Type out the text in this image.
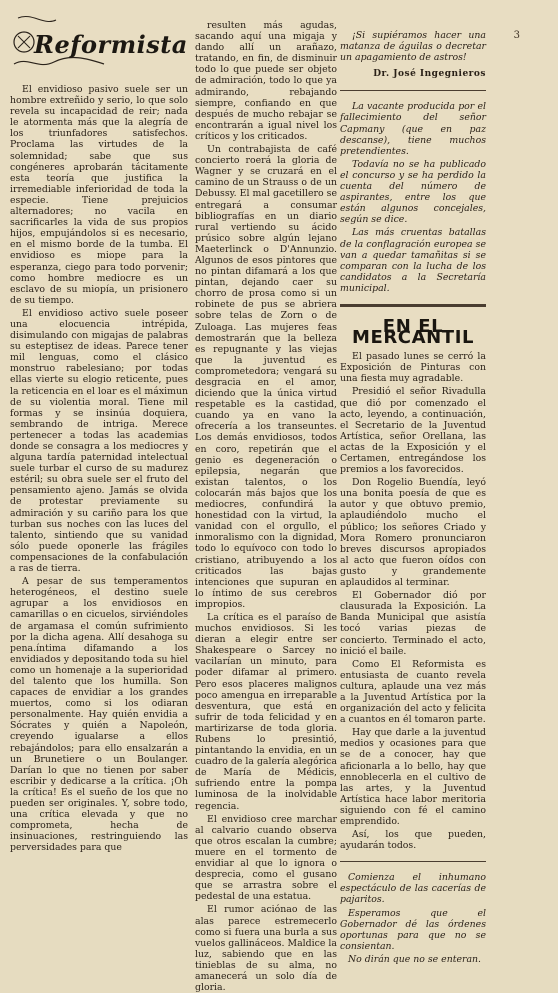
Reformista	3

El envidioso pasivo suele ser un hombre extreñido y serio, lo que solo revela su incapacidad de reir; nada le atormenta más que la alegría de los triunfadores satisfechos. Proclama las virtudes de la solemnidad; sabe que sus congéneres aprobarán tácitamente esta teoría que justifica la irremediable inferioridad de toda la especie. Tiene prejuicios alternadores; no vacila en sacrificarles la vida de sus propios hijos, empujándolos si es necesario, en el mismo borde de la tumba. El envidioso es miope para la esperanza, ciego para todo porvenir; como hombre mediocre es un esclavo de su miopía, un prisionero de su tiempo.

El envidioso activo suele poseer una elocuencia intrépida, disimulando con migajas de palabras su esteptisez de ideas. Parece tener mil lenguas, como el clásico monstruo rabelesiano; por todas ellas vierte su elogio reticente, pues la reticencia en el loar es el máximun de su violentia moral. Tiene mil formas y se insinúa doquiera, sembrando de intriga. Merece pertenecer a todas las academias donde se consagra a los mediocres y alguna tardía paternidad intelectual suele turbar el curso de su madurez estéril; su obra suele ser el fruto del pensamiento ajeno. Jamás se olvida de protestar previamente su admiración y su cariño para los que turban sus noches con las luces del talento, sintiendo que su vanidad sólo puede oponerle las frágiles compensaciones de la confabulación a ras de tierra.

A pesar de sus temperamentos heterogéneos, el destino suele agrupar a los envidiosos en camarillas o en cicuelos, sirviéndoles de argamasa el común sufrimiento por la dicha agena. Allí desahoga su pena.íntima difamando a los envidiados y depositando toda su hiel como un homenaje a la superioridad del talento que los humilla. Son capaces de envidiar a los grandes muertos, como si los odiaran personalmente. Hay quién envidia a Sócrates y quién a Napoleón, creyendo igualarse a ellos rebajándolos; para ello ensalzarán a un Brunetiere o un Boulanger. Darían lo que no tienen por saber escribir y dedicarse a la crítica. ¡Oh la crítica! Es el sueño de los que no pueden ser originales. Y, sobre todo, una crítica elevada y que no comprometa, hecha de insinuaciones, restringuiendo las perversidades para que

resulten más agudas, sacando aquí una migaja y dando allí un arañazo, tratando, en fin, de disminuir todo lo que puede ser objeto de admiración, todo lo que ya admirando, rebajando siempre, confiando en que después de mucho rebajar se encontrarán a igual nivel los críticos y los criticados.

Un contrabajista de café concierto roerá la gloria de Wagner y se cruzará en el camino de un Strauss o de un Debussy. El mal gacetillero se entregará a consumar bibliografías en un diario rural vertiendo su ácido prúsico sobre algún lejano Maeterlinck o D'Annunzio. Algunos de esos pintores que no pintan difamará a los que pintan, dejando caer su chorro de prosa como si un robinete de pus se abriera sobre telas de Zorn o de Zuloaga. Las mujeres feas demostrarán que la belleza es repugnante y las viejas que la juventud es comprometedora; vengará su desgracia en el amor, diciendo que la única virtud respetable es la castidad, cuando ya en vano la ofrecería a los transeuntes. Los demás envidiosos, todos en coro, repetirán que el genio es degeneración o epilepsia, negarán que existan talentos, o los colocarán más bajos que los mediocres, confundirá la honestidad con la virtud, la vanidad con el orgullo, el inmoralismo con la dignidad, todo lo equívoco con todo lo cristiano, atribuyendo a los criticados las bajas intenciones que supuran en lo íntimo de sus cerebros impropios.

La crítica es el paraíso de muchos envidiosos. Si les dieran a elegir entre ser Shakespeare o Sarcey no vacilarían un minuto, para poder difamar al primero. Pero esos placeres malignos poco amengua en irreparable desventura, que está en sufrir de toda felicidad y en martirizarse de toda gloria. Rubens lo presintió, pintantando la envidia, en un cuadro de la galería alegórica de María de Médicis, sufriendo entre la pompa luminosa de la inolvidable regencia.

El envidioso cree marchar al calvario cuando observa que otros escalan la cumbre; muere en el tormento de envidiar al que lo ignora o desprecia, como el gusano que se arrastra sobre el pedestal de una estatua.

El rumor aciónao de las alas parece estremecerlo como si fuera una burla a sus vuelos gallináceos. Maldice la luz, sabiendo que en las tinieblas de su alma, no amanecerá un solo día de gloria.

¡Si supiéramos hacer una matanza de águilas o decretar un apagamiento de astros!

Dr. José Ingegnieros

La vacante producida por el fallecimiento del señor Capmany (que en paz descanse), tiene muchos pretendientes.

Todavía no se ha publicado el concurso y se ha perdido la cuenta del número de aspirantes, entre los que están algunos concejales, según se dice.

Las más cruentas batallas de la conflagración europea se van a quedar tamañitas si se comparan con la lucha de los candidatos a la Secretaría municipal.

EN EL MERCANTIL

El pasado lunes se cerró la Exposición de Pinturas con una fiesta muy agradable.

Presidió el señor Rivadulla que dió por comenzado el acto, leyendo, a continuación, el Secretario de la Juventud Artística, señor Orellana, las actas de la Exposición y el Certamen, entregándose los premios a los favorecidos.

Don Rogelio Buendía, leyó una bonita poesía de que es autor y que obtuvo premio, aplaudiéndolo mucho el público; los señores Criado y Mora Romero pronunciaron breves discursos apropiados al acto que fueron oídos con gusto y grandemente aplaudidos al terminar.

El Gobernador dió por clausurada la Exposición. La Banda Municipal que asistía tocó varias piezas de concierto. Terminado el acto, inició el baile.

Como El Reformista es entusiasta de cuanto revela cultura, aplaude una vez más a la Juventud Artística por la organización del acto y felicita a cuantos en él tomaron parte.

Hay que darle a la juventud medios y ocasiones para que se de a conocer, hay que aficionarla a lo bello, hay que ennoblecerla en el cultivo de las artes, y la Juventud Artística hace labor meritoria siguiendo con fé el camino emprendido.

Así, los que pueden, ayudarán todos.

Comienza el inhumano espectáculo de las cacerías de pajaritos.

Esperamos que el Gobernador dé las órdenes oportunas para que no se consientan.

No dirán que no se enteran.
